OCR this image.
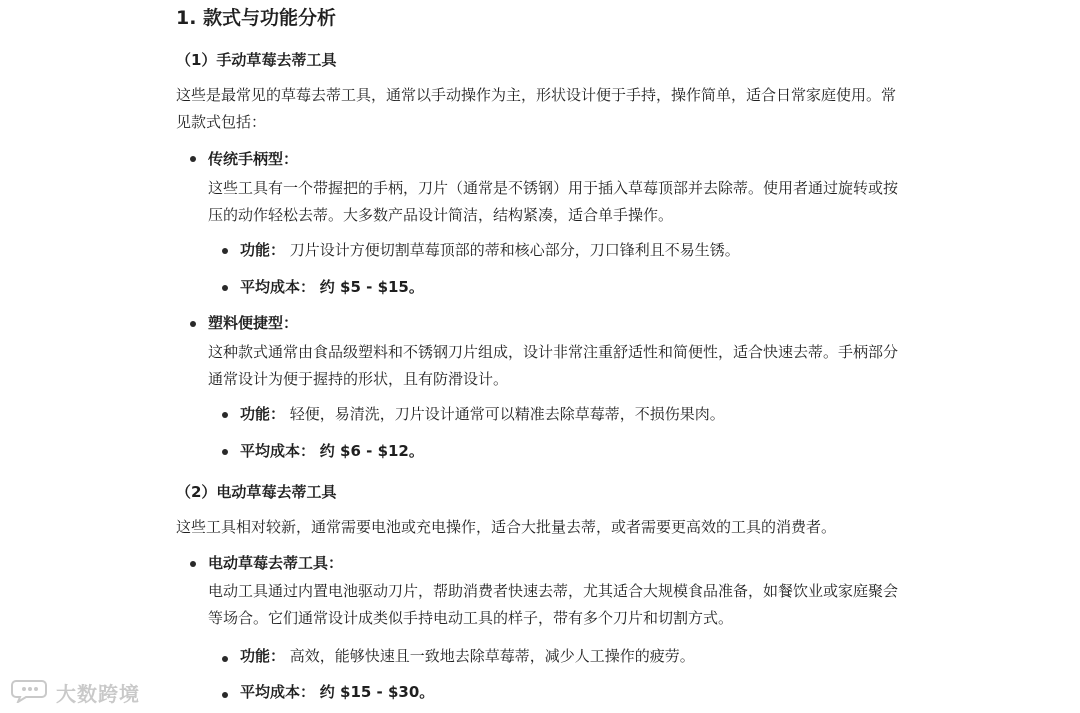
1. 款式与功能分析
（1）手动草莓去蒂工具
这些是最常见的草莓去蒂工具，通常以手动操作为主，形状设计便于手持，操作简单，适合日常家庭使用。常
见款式包括：
传统手柄型：
这些工具有一个带握把的手柄，刀片（通常是不锈钢）用于插入草莓顶部并去除蒂。使用者通过旋转或按
压的动作轻松去蒂。大多数产品设计简洁，结构紧凑，适合单手操作。
功能： 刀片设计方便切割草莓顶部的蒂和核心部分，刀口锋利且不易生锈。
平均成本： 约 $5 - $15。
塑料便捷型：
这种款式通常由食品级塑料和不锈钢刀片组成，设计非常注重舒适性和简便性，适合快速去蒂。手柄部分
通常设计为便于握持的形状，且有防滑设计。
功能： 轻便，易清洗，刀片设计通常可以精准去除草莓蒂，不损伤果肉。
平均成本： 约 $6 - $12。
（2）电动草莓去蒂工具
这些工具相对较新，通常需要电池或充电操作，适合大批量去蒂，或者需要更高效的工具的消费者。
电动草莓去蒂工具：
电动工具通过内置电池驱动刀片，帮助消费者快速去蒂，尤其适合大规模食品准备，如餐饮业或家庭聚会
等场合。它们通常设计成类似手持电动工具的样子，带有多个刀片和切割方式。
功能： 高效，能够快速且一致地去除草莓蒂，减少人工操作的疲劳。
平均成本： 约 $15 - $30。
大数跨境
